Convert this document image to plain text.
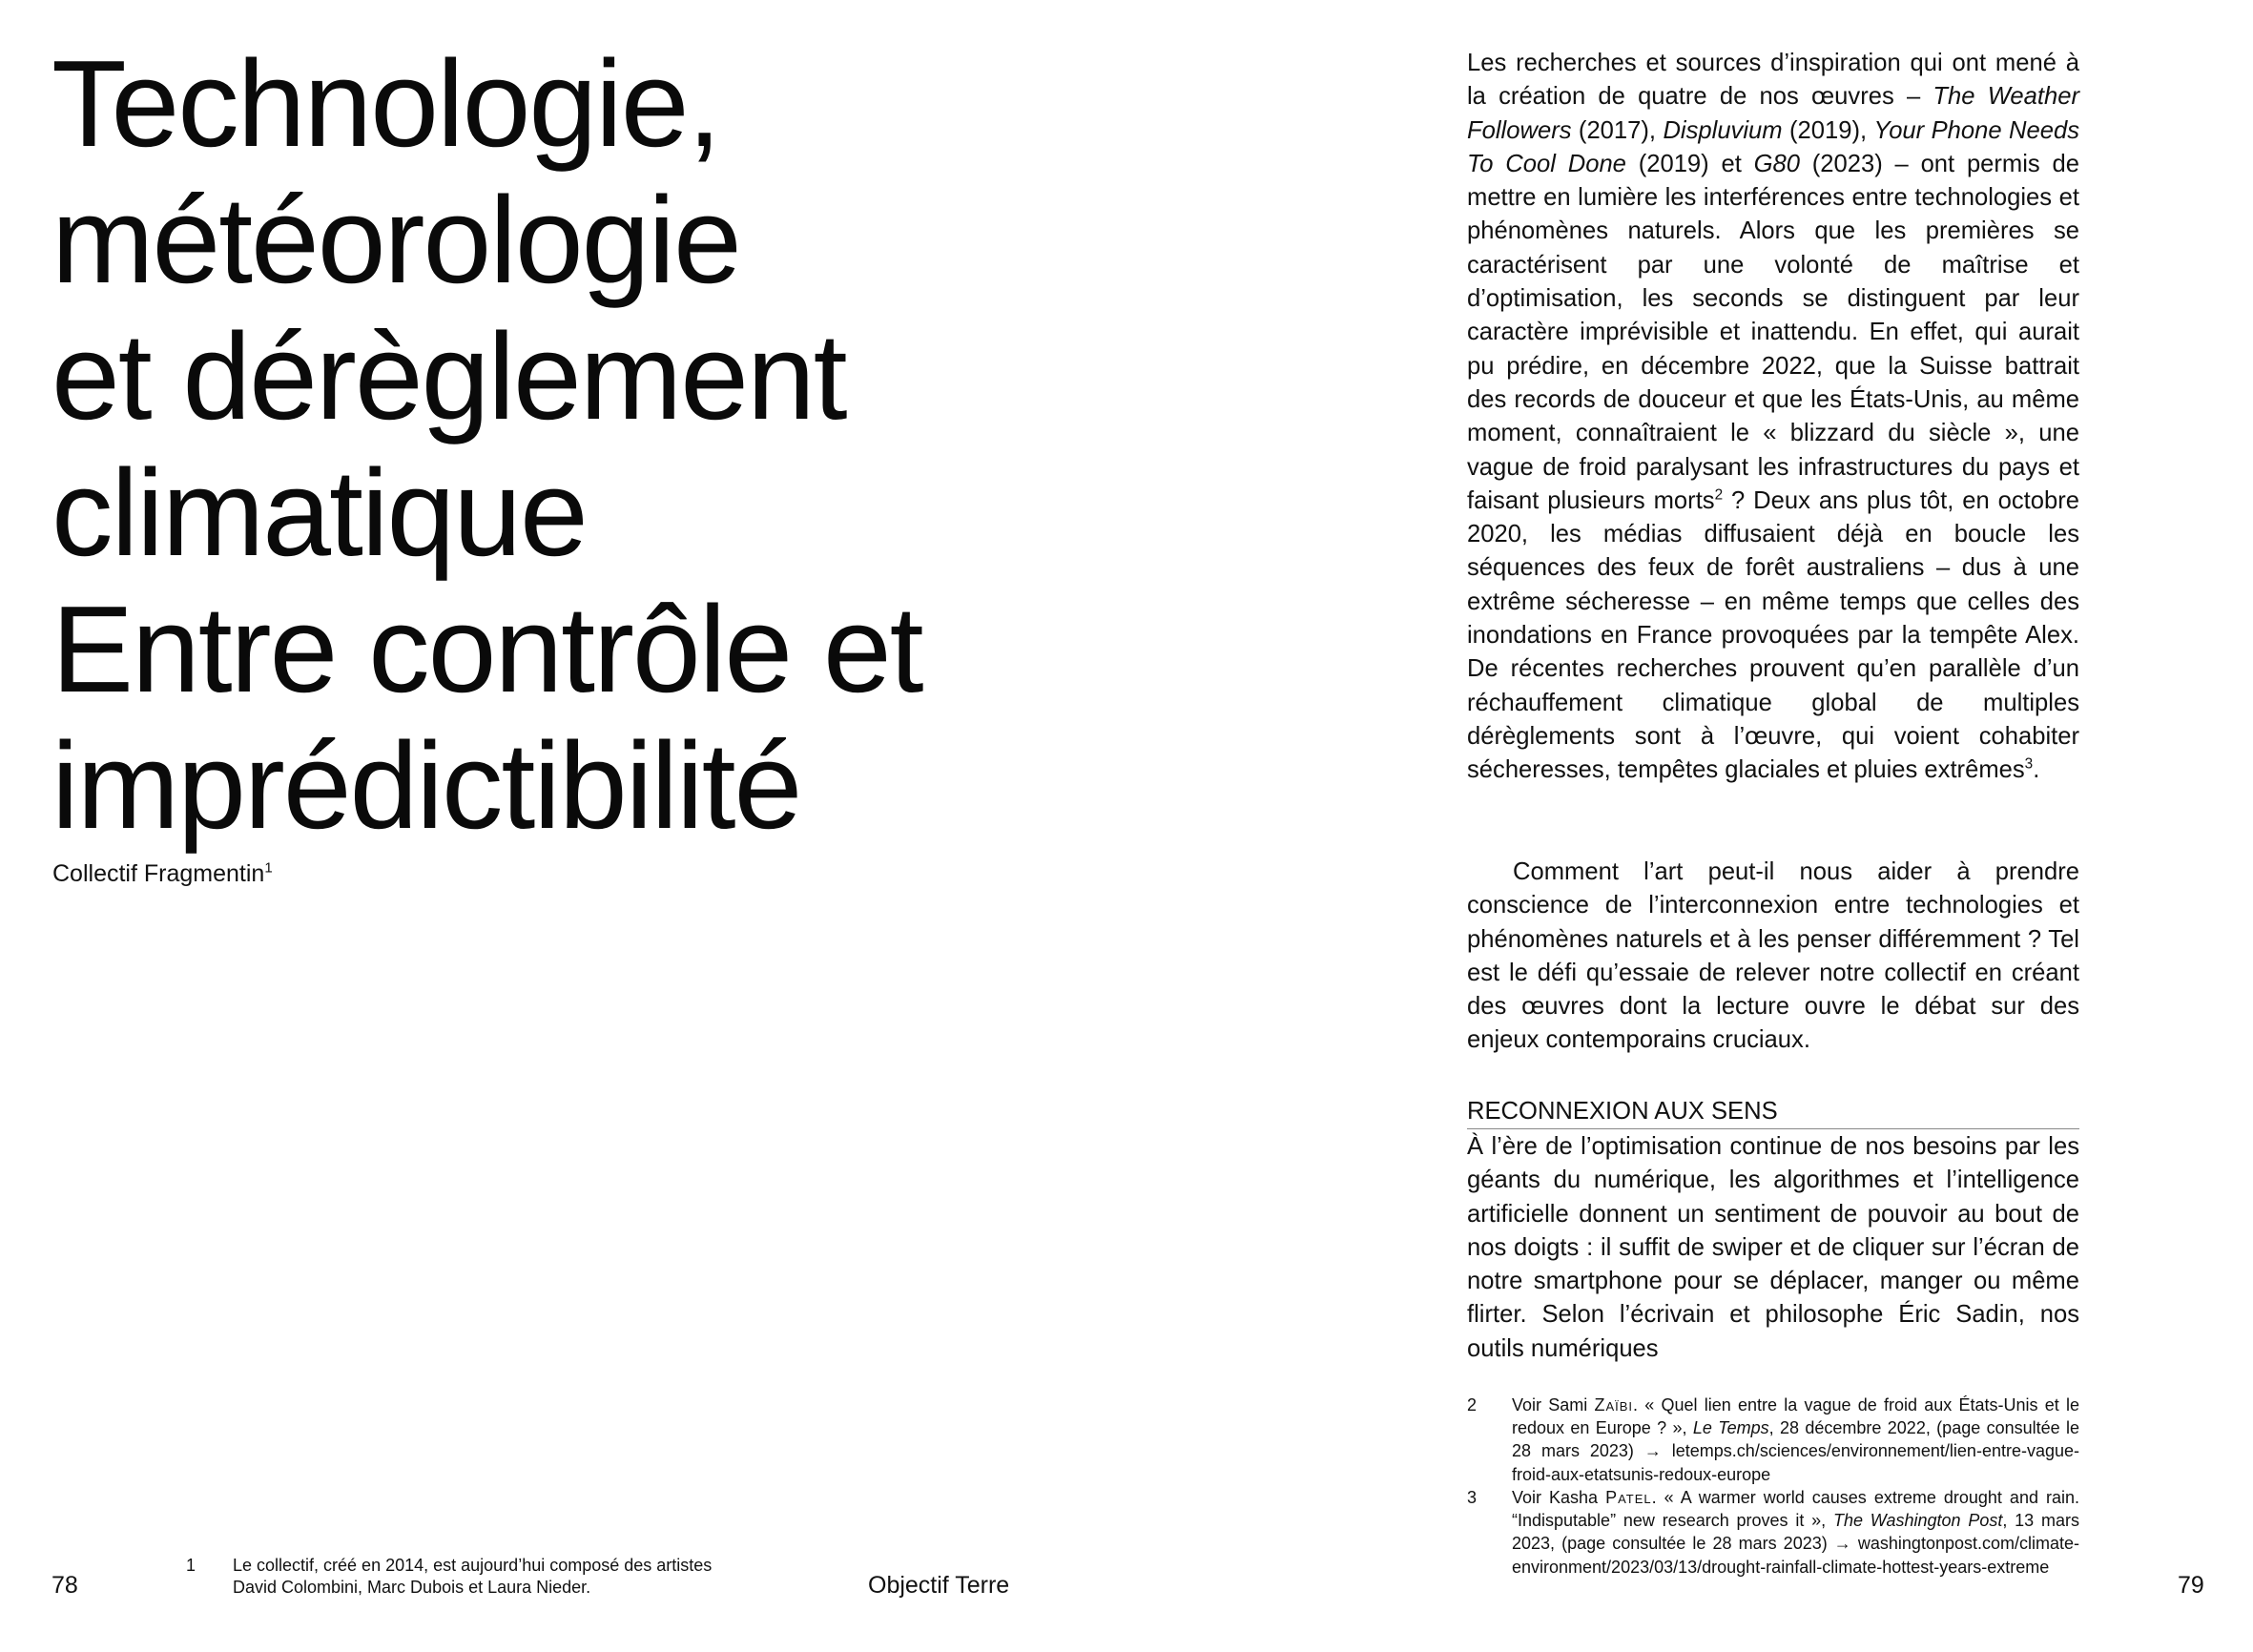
Technologie,
météorologie
et dérèglement
climatique
Entre contrôle et
imprédictibilité
Collectif Fragmentin$^1$
78
1 Le collectif, créé en 2014, est aujourd’hui composé des artistes
David Colombini, Marc Dubois et Laura Nieder.	Objectif Terre

Les recherches et sources d’inspiration qui ont mené à la création de quatre de nos œuvres – The Weather Followers (2017), Displuvium (2019), Your Phone Needs To Cool Done (2019) et G80 (2023) – ont permis de mettre en lumière les interférences entre technologies et phénomènes naturels. Alors que les premières se caractérisent par une volonté de maîtrise et d’optimisation, les seconds se distinguent par leur caractère imprévisible et inattendu. En effet, qui aurait pu prédire, en décembre 2022, que la Suisse battrait des records de douceur et que les États-Unis, au même moment, connaîtraient le « blizzard du siècle », une vague de froid paralysant les infrastructures du pays et faisant plusieurs morts$^2$ ? Deux ans plus tôt, en octobre 2020, les médias diffusaient déjà en boucle les séquences des feux de forêt australiens – dus à une extrême sécheresse – en même temps que celles des inondations en France provoquées par la tempête Alex. De récentes recherches prouvent qu’en parallèle d’un réchauffement climatique global de multiples dérèglements sont à l’œuvre, qui voient cohabiter sécheresses, tempêtes glaciales et pluies extrêmes$^3$.

Comment l’art peut-il nous aider à prendre conscience de l’interconnexion entre technologies et phénomènes naturels et à les penser différemment ? Tel est le défi qu’essaie de relever notre collectif en créant des œuvres dont la lecture ouvre le débat sur des enjeux contemporains cruciaux.

RECONNEXION AUX SENS

À l’ère de l’optimisation continue de nos besoins par les géants du numérique, les algorithmes et l’intelligence artificielle donnent un sentiment de pouvoir au bout de nos doigts : il suffit de swiper et de cliquer sur l’écran de notre smartphone pour se déplacer, manger ou même flirter. Selon l’écrivain et philosophe Éric Sadin, nos outils numériques

2 Voir Sami Zaïbi. « Quel lien entre la vague de froid aux États-Unis et le redoux en Europe ? », Le Temps, 28 décembre 2022, (page consultée le 28 mars 2023) → letemps.ch/sciences/environnement/lien-entre-vague-froid-aux-etatsunis-redoux-europe
3 Voir Kasha Patel. « A warmer world causes extreme drought and rain. “Indisputable” new research proves it », The Washington Post, 13 mars 2023, (page consultée le 28 mars 2023) → washingtonpost.com/climate-environment/2023/03/13/drought-rainfall-climate-hottest-years-extreme
79
